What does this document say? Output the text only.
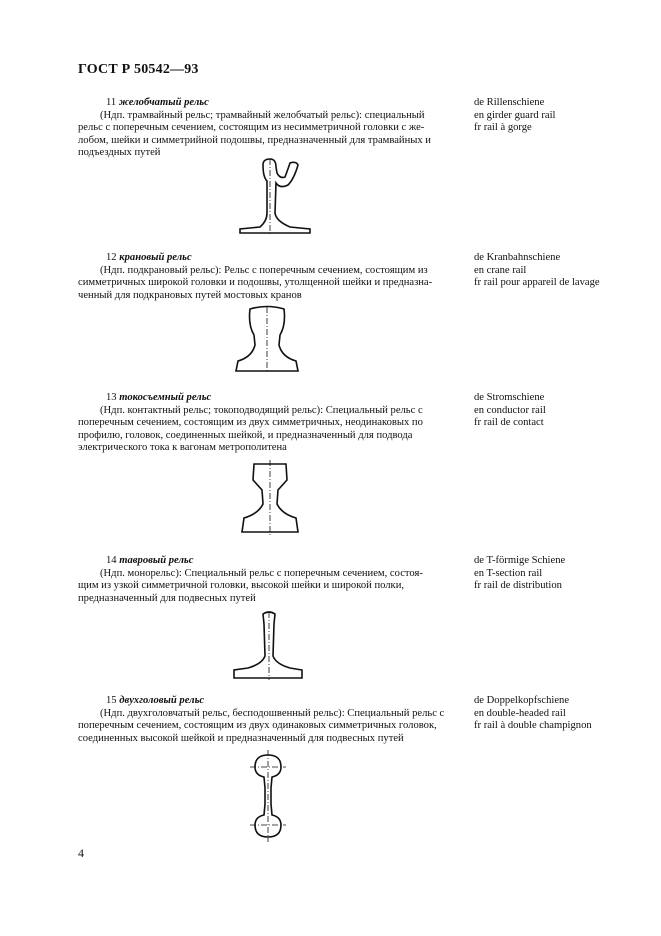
ГОСТ Р 50542—93
11 желобчатый рельс
(Ндп. трамвайный рельс; трамвайный желобчатый рельс): специальный
рельс с поперечным сечением, состоящим из несимметричной головки с же-
лобом, шейки и симметрийной подошвы, предназначенный для трамвайных и
подъездных путей
de Rillenschiene
en girder guard rail
fr rail à gorge
12 крановый рельс
(Ндп. подкрановый рельс): Рельс с поперечным сечением, состоящим из
симметричных широкой головки и подошвы, утолщенной шейки и предназна-
ченный для подкрановых путей мостовых кранов
de Kranbahnschiene
en crane rail
fr rail pour appareil de lavage
13 токосъемный рельс
(Ндп. контактный рельс; токоподводящий рельс): Специальный рельс с
поперечным сечением, состоящим из двух симметричных, неодинаковых по
профилю, головок, соединенных шейкой, и предназначенный для подвода
электрического тока к вагонам метрополитена
de Stromschiene
en conductor rail
fr rail de contact
14 тавровый рельс
(Ндп. монорельс): Специальный рельс с поперечным сечением, состоя-
щим из узкой симметричной головки, высокой шейки и широкой полки,
предназначенный для подвесных путей
de T-förmige Schiene
en T-section rail
fr rail de distribution
15 двухголовый рельс
(Ндп. двухголовчатый рельс, бесподошвенный рельс): Специальный рельс с
поперечным сечением, состоящим из двух одинаковых симметричных головок,
соединенных высокой шейкой и предназначенный для подвесных путей
de Doppelkopfschiene
en double-headed rail
fr rail à double champignon
4
